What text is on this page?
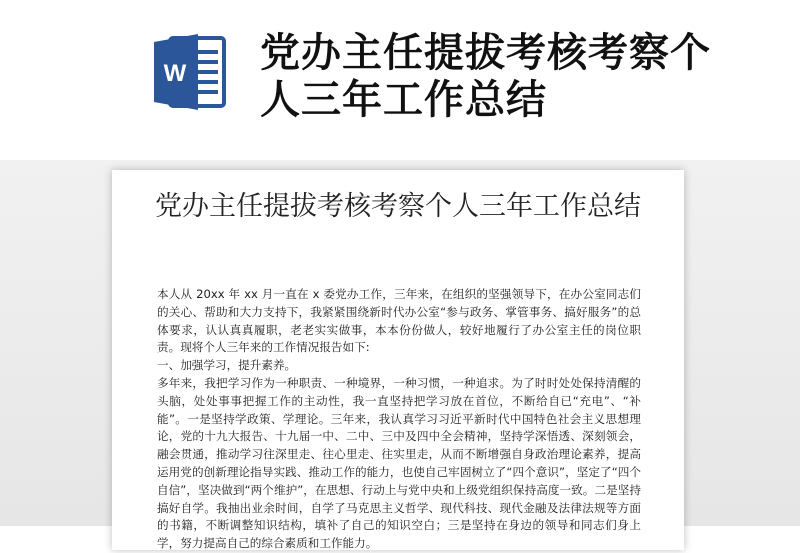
W 党办主任提拔考核考察个人三年工作总结
党办主任提拔考核考察个人三年工作总结

本人从 20xx 年 xx 月一直在 x 委党办工作，三年来，在组织的坚强领导下，在办公室同志们的关心、帮助和大力支持下，我紧紧围绕新时代办公室“参与政务、掌管事务、搞好服务”的总体要求，认认真真履职，老老实实做事，本本份份做人，较好地履行了办公室主任的岗位职责。现将个人三年来的工作情况报告如下:

一、加强学习，提升素养。

多年来，我把学习作为一种职责、一种境界，一种习惯，一种追求。为了时时处处保持清醒的头脑，处处事事把握工作的主动性，我一直坚持把学习放在首位，不断给自已“充电”、“补能”。一是坚持学政策、学理论。三年来，我认真学习习近平新时代中国特色社会主义思想理论，党的十九大报告、十九届一中、二中、三中及四中全会精神，坚持学深悟透、深刻领会，融会贯通，推动学习往深里走、往心里走、往实里走，从而不断增强自身政治理论素养，提高运用党的创新理论指导实践、推动工作的能力，也使自己牢固树立了“四个意识”，坚定了“四个自信”，坚决做到“两个维护”，在思想、行动上与党中央和上级党组织保持高度一致。二是坚持搞好自学。我抽出业余时间，自学了马克思主义哲学、现代科技、现代金融及法律法规等方面的书籍，不断调整知识结构，填补了自己的知识空白；三是坚持在身边的领导和同志们身上学，努力提高自己的综合素质和工作能力。
